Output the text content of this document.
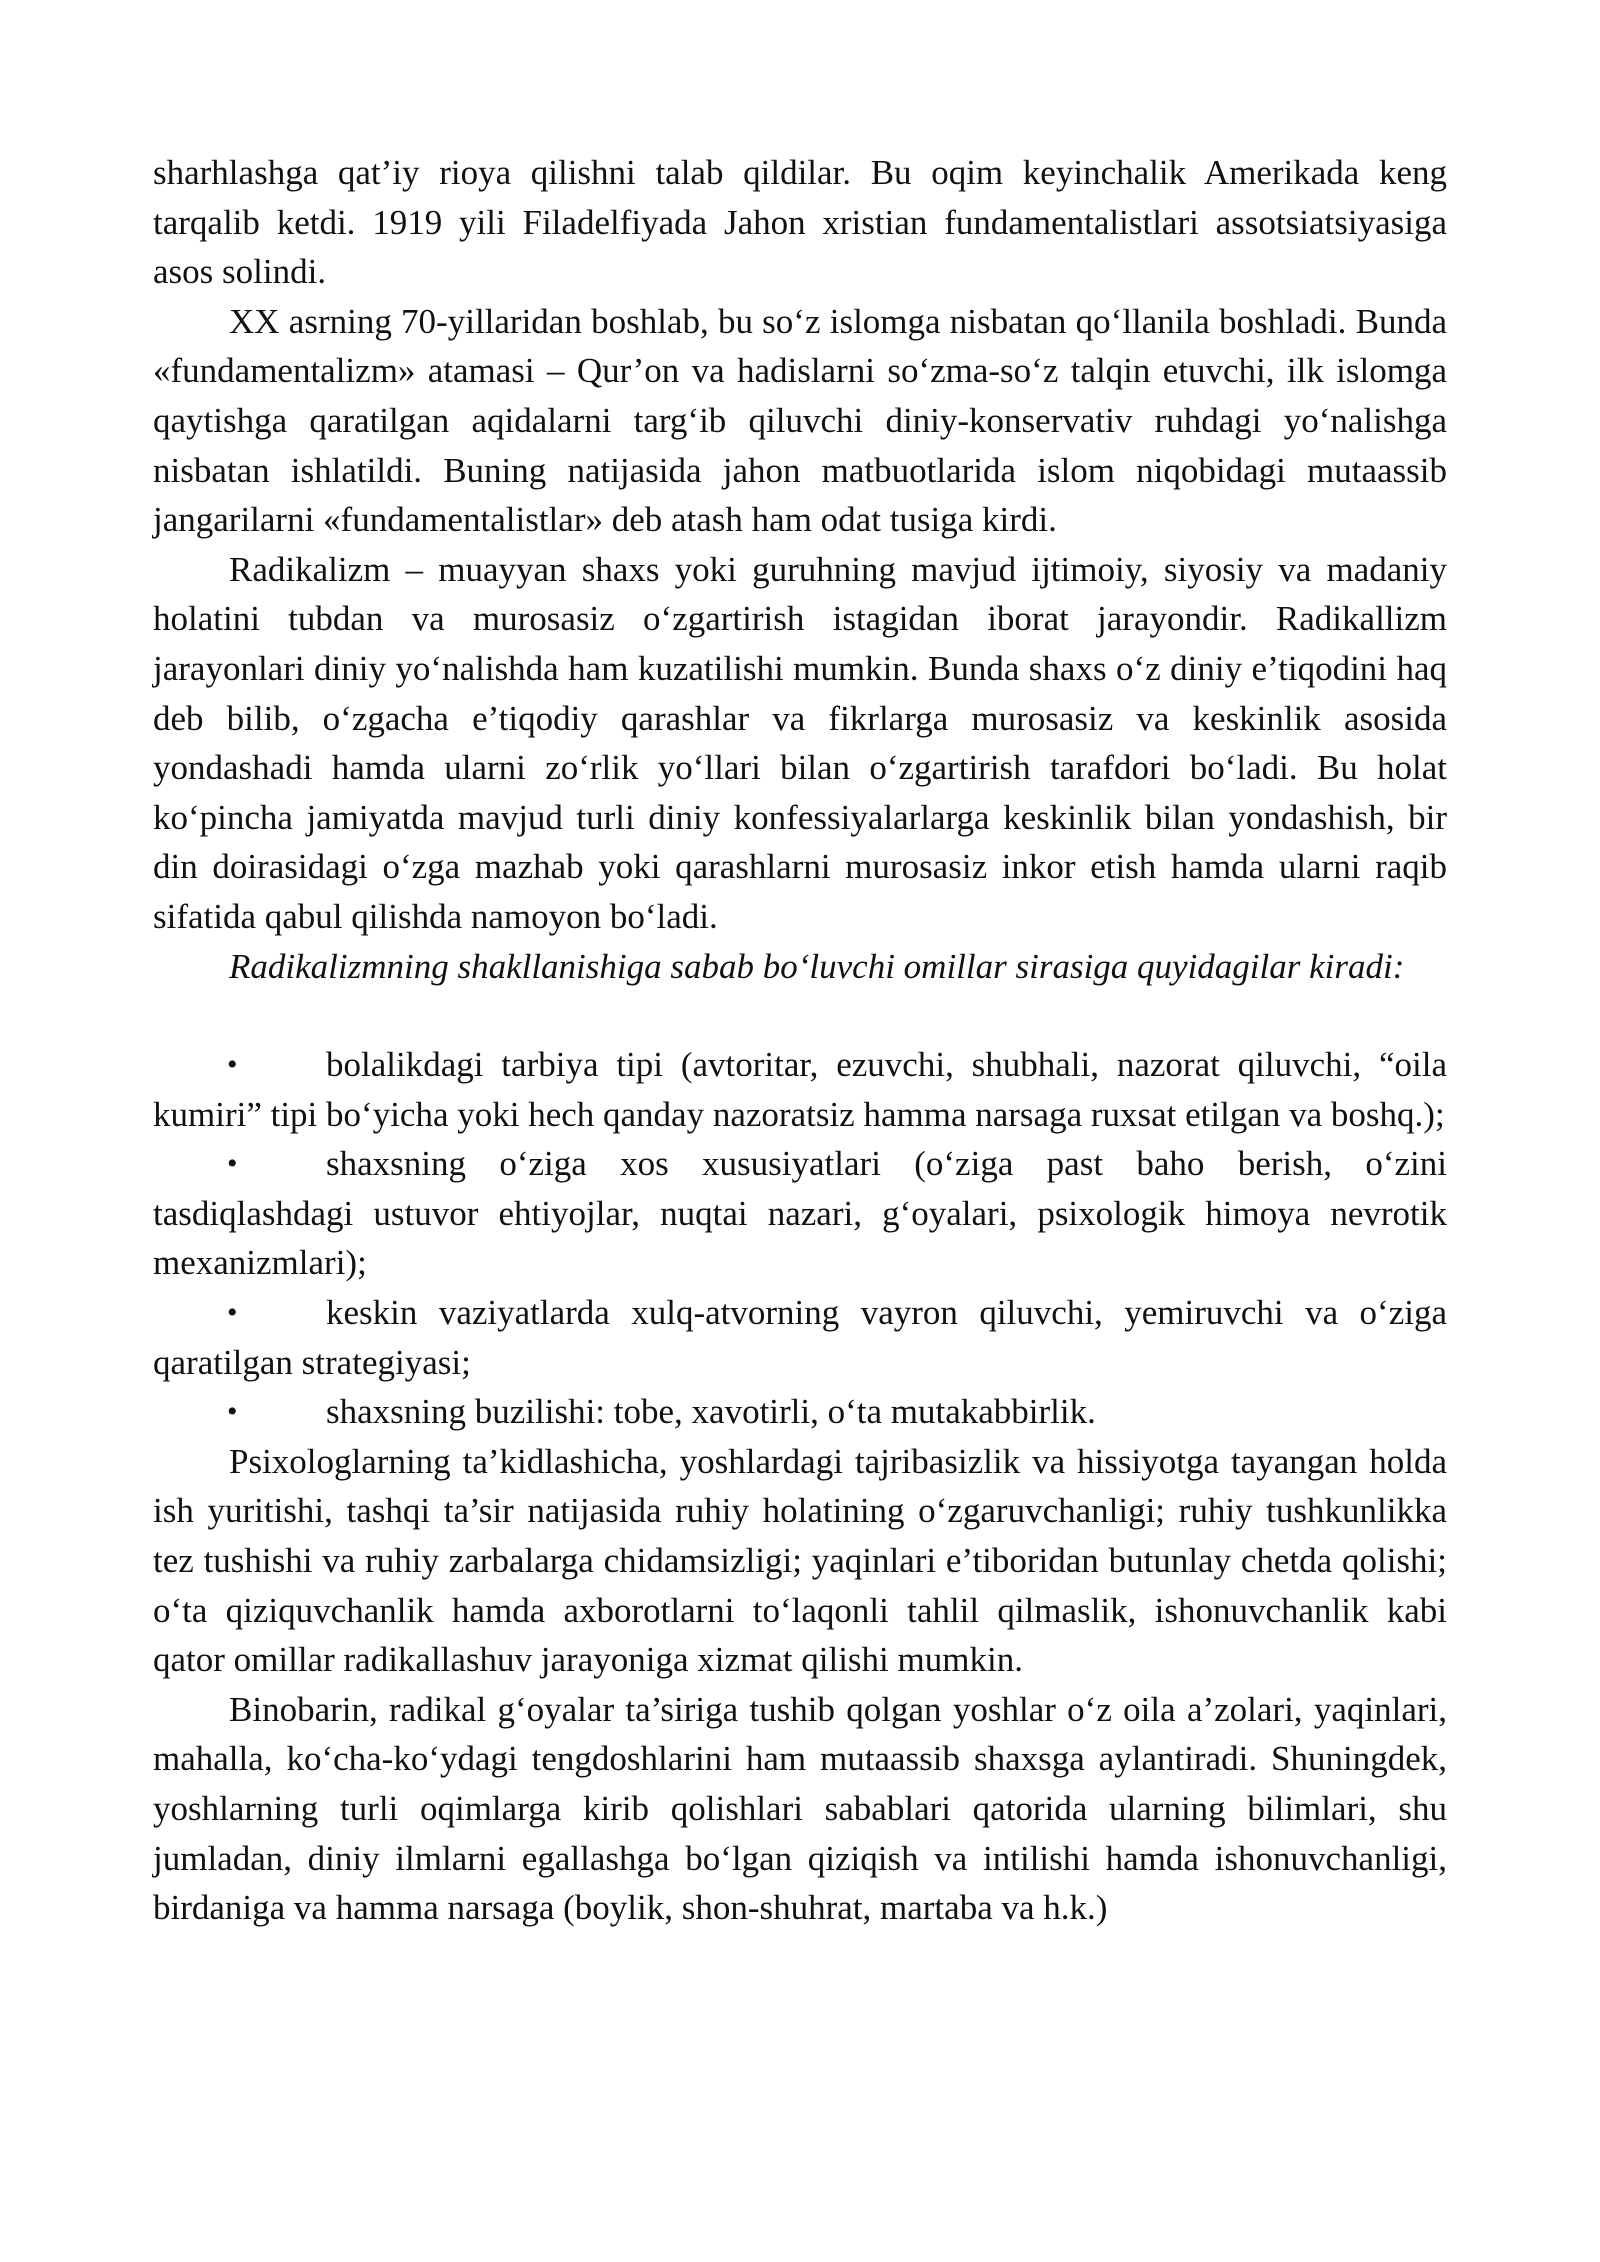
sharhlashga qat’iy rioya qilishni talab qildilar. Bu oqim keyinchalik Amerikada keng tarqalib ketdi. 1919 yili Filadelfiyada Jahon xristian fundamentalistlari assotsiatsiyasiga asos solindi.

XX asrning 70-yillaridan boshlab, bu so‘z islomga nisbatan qo‘llanila boshladi. Bunda «fundamentalizm» atamasi – Qur’on va hadislarni so‘zma-so‘z talqin etuvchi, ilk islomga qaytishga qaratilgan aqidalarni targ‘ib qiluvchi diniy-konservativ ruhdagi yo‘nalishga nisbatan ishlatildi. Buning natijasida jahon matbuotlarida islom niqobidagi mutaassib jangarilarni «fundamentalistlar» deb atash ham odat tusiga kirdi.

Radikalizm – muayyan shaxs yoki guruhning mavjud ijtimoiy, siyosiy va madaniy holatini tubdan va murosasiz o‘zgartirish istagidan iborat jarayondir. Radikallizm jarayonlari diniy yo‘nalishda ham kuzatilishi mumkin. Bunda shaxs o‘z diniy e’tiqodini haq deb bilib, o‘zgacha e’tiqodiy qarashlar va fikrlarga murosasiz va keskinlik asosida yondashadi hamda ularni zo‘rlik yo‘llari bilan o‘zgartirish tarafdori bo‘ladi. Bu holat ko‘pincha jamiyatda mavjud turli diniy konfessiyalarlarga keskinlik bilan yondashish, bir din doirasidagi o‘zga mazhab yoki qarashlarni murosasiz inkor etish hamda ularni raqib sifatida qabul qilishda namoyon bo‘ladi.

Radikalizmning shakllanishiga sabab bo‘luvchi omillar sirasiga quyidagilar kiradi:

•	bolalikdagi tarbiya tipi (avtoritar, ezuvchi, shubhali, nazorat qiluvchi, “oila kumiri” tipi bo‘yicha yoki hech qanday nazoratsiz hamma narsaga ruxsat etilgan va boshq.);
•	shaxsning o‘ziga xos xususiyatlari (o‘ziga past baho berish, o‘zini tasdiqlashdagi ustuvor ehtiyojlar, nuqtai nazari, g‘oyalari, psixologik himoya nevrotik mexanizmlari);
•	keskin vaziyatlarda xulq-atvorning vayron qiluvchi, yemiruvchi va o‘ziga qaratilgan strategiyasi;
•	shaxsning buzilishi: tobe, xavotirli, o‘ta mutakabbirlik.

Psixologlarning ta’kidlashicha, yoshlardagi tajribasizlik va hissiyotga tayangan holda ish yuritishi, tashqi ta’sir natijasida ruhiy holatining o‘zgaruvchanligi; ruhiy tushkunlikka tez tushishi va ruhiy zarbalarga chidamsizligi; yaqinlari e’tiboridan butunlay chetda qolishi; o‘ta qiziquvchanlik hamda axborotlarni to‘laqonli tahlil qilmaslik, ishonuvchanlik kabi qator omillar radikallashuv jarayoniga xizmat qilishi mumkin.

Binobarin, radikal g‘oyalar ta’siriga tushib qolgan yoshlar o‘z oila a’zolari, yaqinlari, mahalla, ko‘cha-ko‘ydagi tengdoshlarini ham mutaassib shaxsga aylantiradi. Shuningdek, yoshlarning turli oqimlarga kirib qolishlari sabablari qatorida ularning bilimlari, shu jumladan, diniy ilmlarni egallashga bo‘lgan qiziqish va intilishi hamda ishonuvchanligi, birdaniga va hamma narsaga (boylik, shon-shuhrat, martaba va h.k.)
